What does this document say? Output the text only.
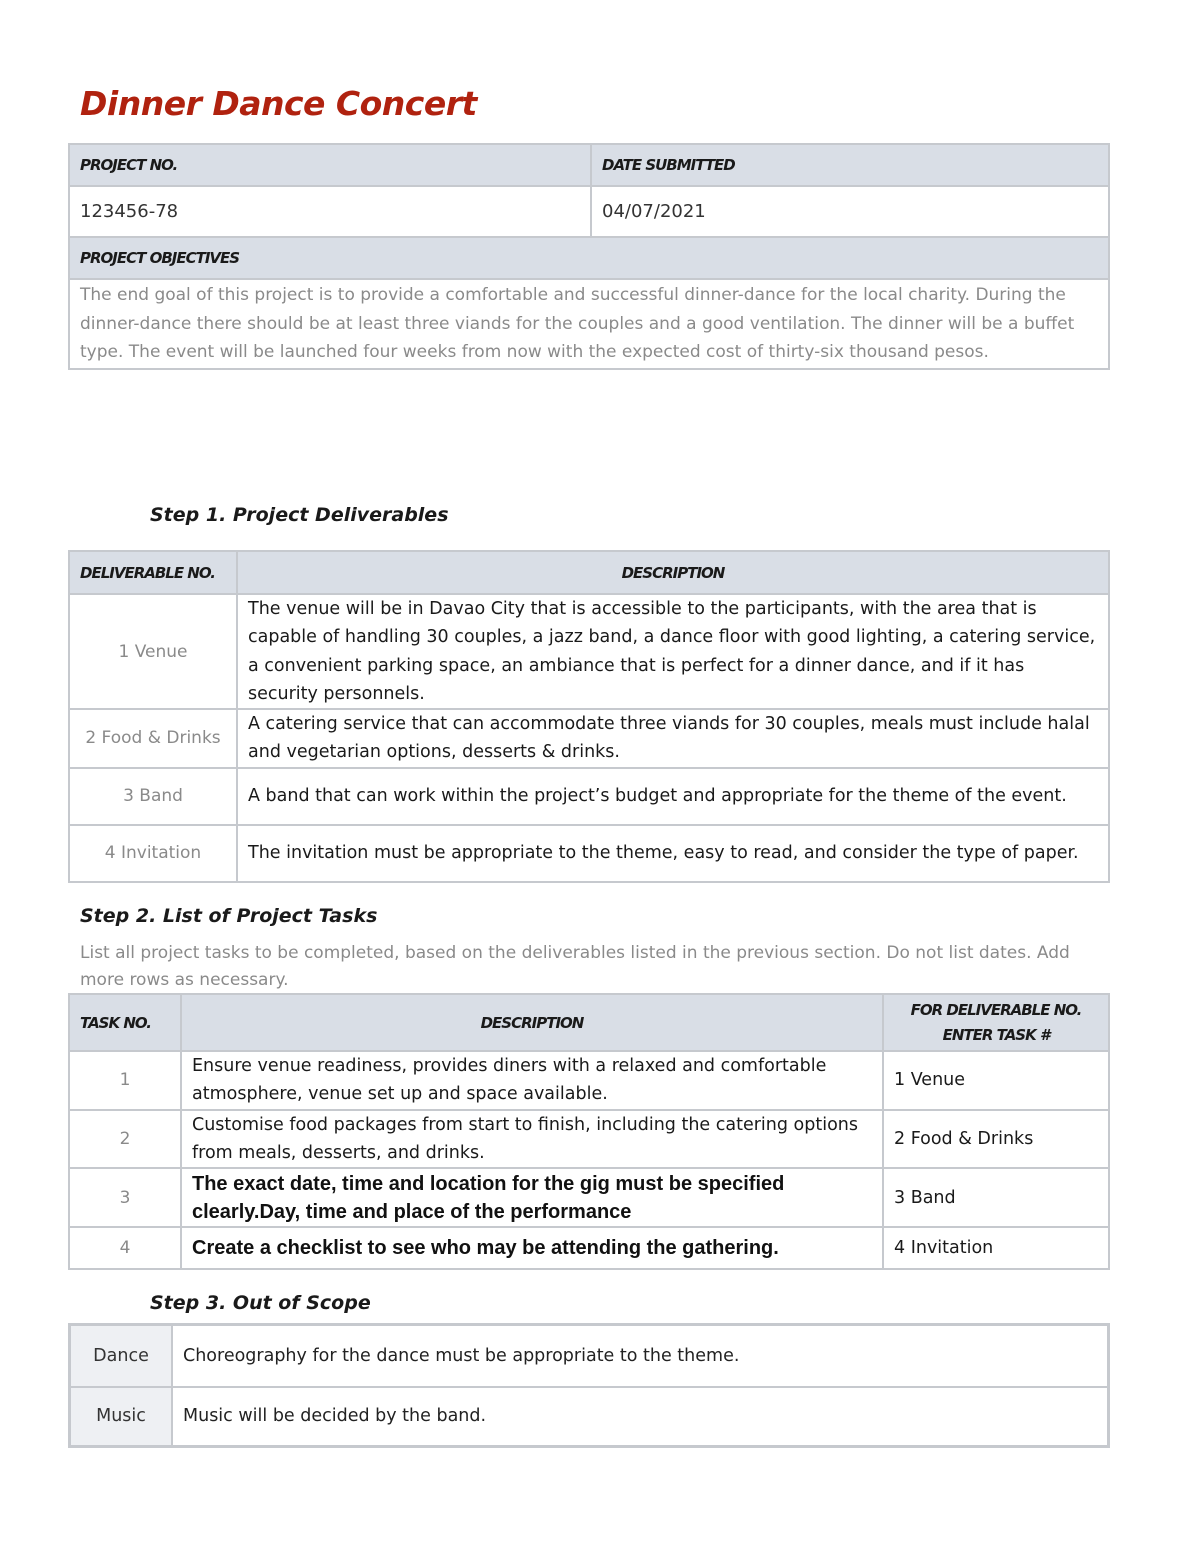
Dinner Dance Concert
PROJECT NO.	DATE SUBMITTED
123456-78	04/07/2021
PROJECT OBJECTIVES	
The end goal of this project is to provide a comfortable and successful dinner-dance for the local charity. During the dinner-dance there should be at least three viands for the couples and a good ventilation. The dinner will be a buffet type. The event will be launched four weeks from now with the expected cost of thirty-six thousand pesos.	
Step 1. Project Deliverables
DELIVERABLE NO.	DESCRIPTION
1 Venue	The venue will be in Davao City that is accessible to the participants, with the area that is capable of handling 30 couples, a jazz band, a dance floor with good lighting, a catering service, a convenient parking space, an ambiance that is perfect for a dinner dance, and if it has security personnels.
2 Food & Drinks	A catering service that can accommodate three viands for 30 couples, meals must include halal and vegetarian options, desserts & drinks.
3 Band	A band that can work within the project’s budget and appropriate for the theme of the event.
4 Invitation	The invitation must be appropriate to the theme, easy to read, and consider the type of paper.
Step 2. List of Project Tasks
List all project tasks to be completed, based on the deliverables listed in the previous section. Do not list dates. Add more rows as necessary.
TASK NO.	DESCRIPTION	FOR DELIVERABLE NO.
ENTER TASK #

1	Ensure venue readiness, provides diners with a relaxed and comfortable atmosphere, venue set up and space available.	1 Venue
2	Customise food packages from start to finish, including the catering options from meals, desserts, and drinks.	2 Food & Drinks
3	The exact date, time and location for the gig must be specified clearly.Day, time and place of the performance	3 Band
4	Create a checklist to see who may be attending the gathering.	4 Invitation
Step 3. Out of Scope
Dance	Choreography for the dance must be appropriate to the theme.
Music	Music will be decided by the band.
